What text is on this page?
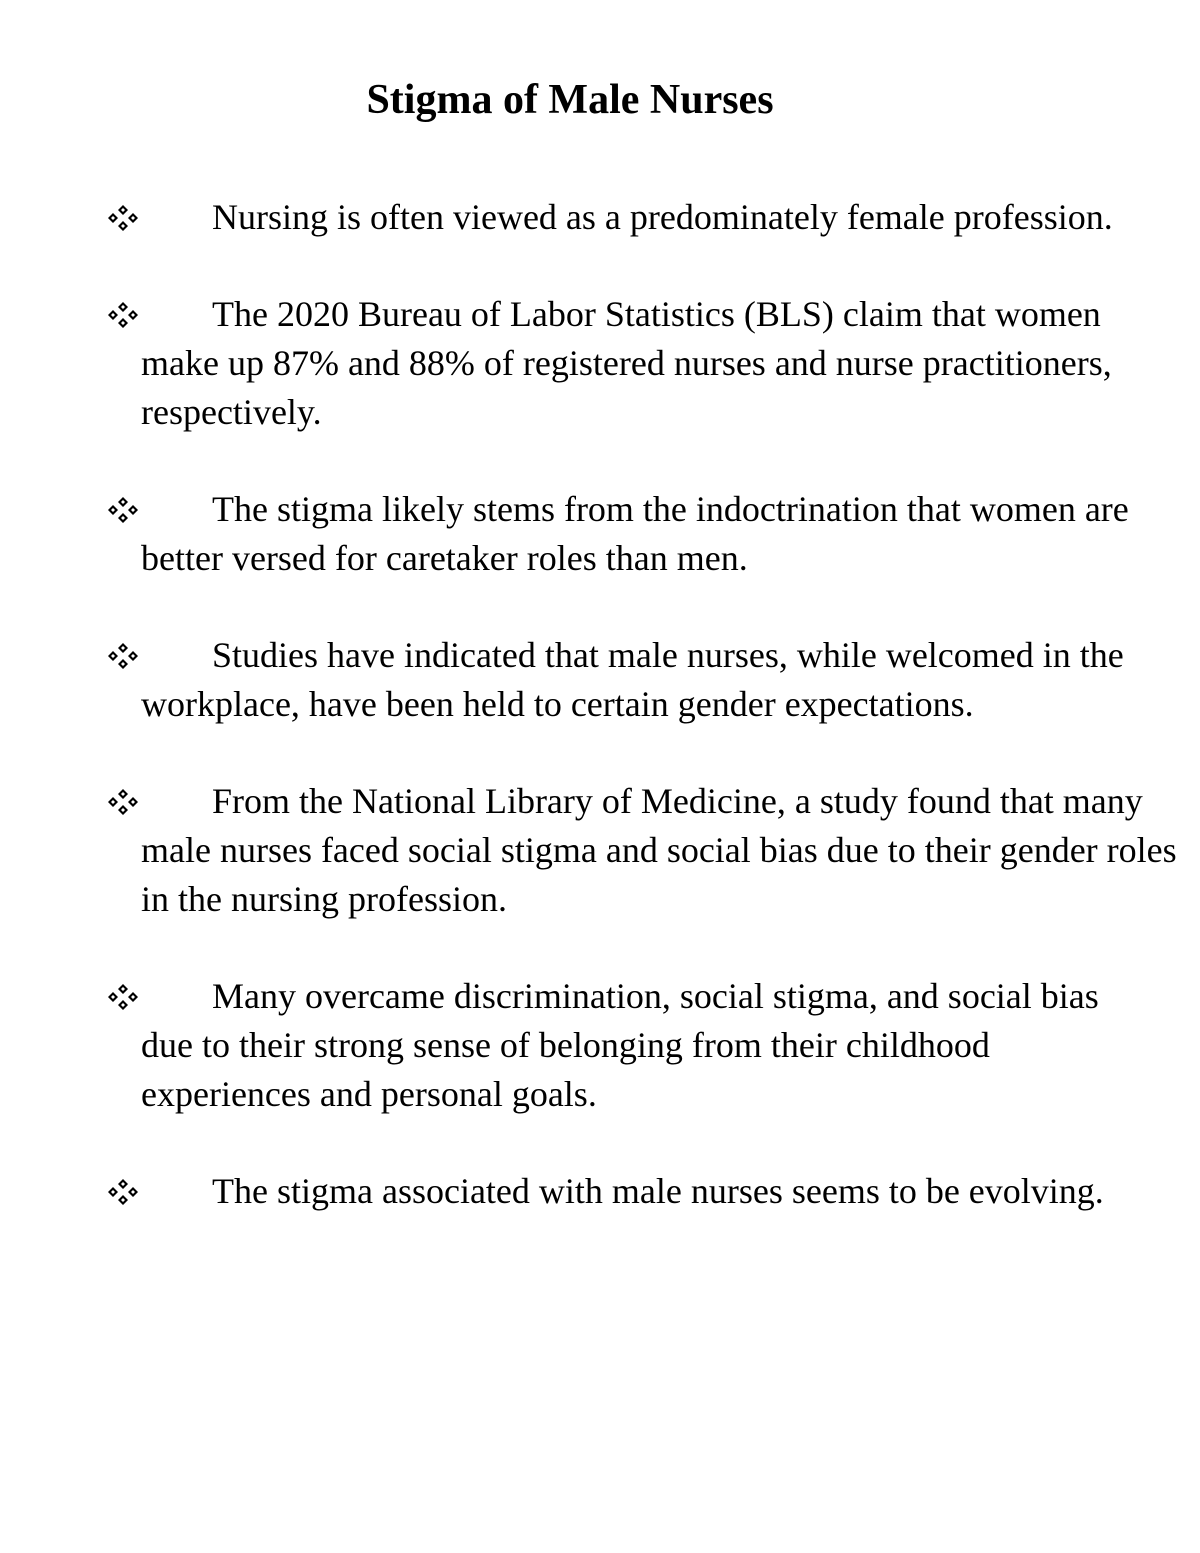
Stigma of Male Nurses
Nursing is often viewed as a predominately female profession.
The 2020 Bureau of Labor Statistics (BLS) claim that women make up 87% and 88% of registered nurses and nurse practitioners, respectively.
The stigma likely stems from the indoctrination that women are better versed for caretaker roles than men.
Studies have indicated that male nurses, while welcomed in the workplace, have been held to certain gender expectations.
From the National Library of Medicine, a study found that many male nurses faced social stigma and social bias due to their gender roles in the nursing profession.
Many overcame discrimination, social stigma, and social bias due to their strong sense of belonging from their childhood experiences and personal goals.
The stigma associated with male nurses seems to be evolving.
